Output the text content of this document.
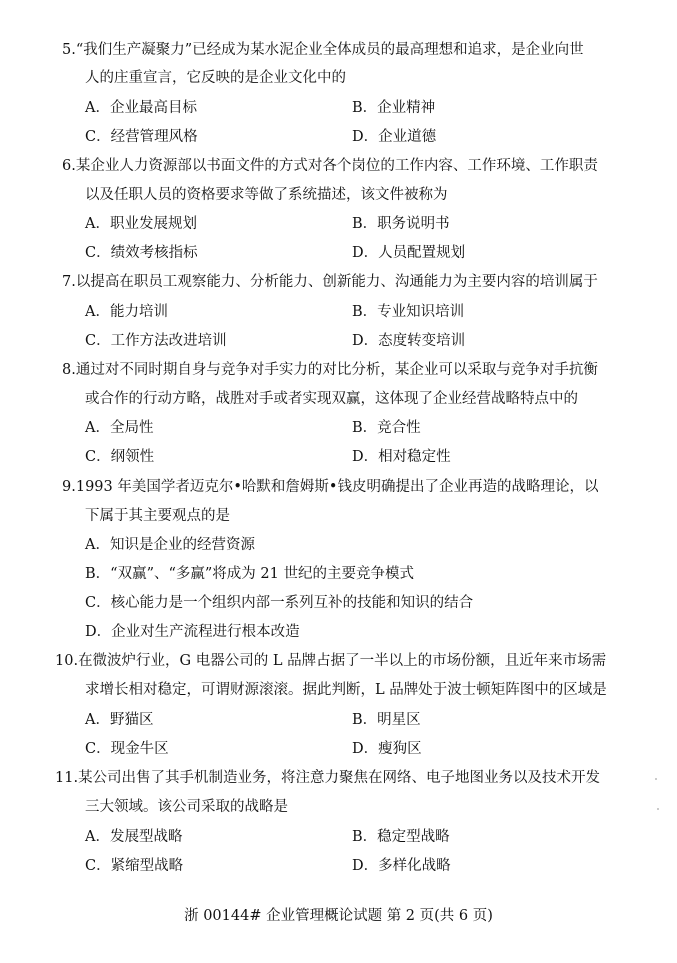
5.“我们生产凝聚力”已经成为某水泥企业全体成员的最高理想和追求，是企业向世
人的庄重宣言，它反映的是企业文化中的
A．企业最高目标	B．企业精神
C．经营管理风格	D．企业道德
6.某企业人力资源部以书面文件的方式对各个岗位的工作内容、工作环境、工作职责
以及任职人员的资格要求等做了系统描述，该文件被称为
A．职业发展规划	B．职务说明书
C．绩效考核指标	D．人员配置规划
7.以提高在职员工观察能力、分析能力、创新能力、沟通能力为主要内容的培训属于
A．能力培训	B．专业知识培训
C．工作方法改进培训	D．态度转变培训
8.通过对不同时期自身与竞争对手实力的对比分析，某企业可以采取与竞争对手抗衡
或合作的行动方略，战胜对手或者实现双赢，这体现了企业经营战略特点中的
A．全局性	B．竞合性
C．纲领性	D．相对稳定性
9.1993 年美国学者迈克尔•哈默和詹姆斯•钱皮明确提出了企业再造的战略理论，以
下属于其主要观点的是
A．知识是企业的经营资源
B．“双赢”、“多赢”将成为 21 世纪的主要竞争模式
C．核心能力是一个组织内部一系列互补的技能和知识的结合
D．企业对生产流程进行根本改造
10.在微波炉行业，G 电器公司的 L 品牌占据了一半以上的市场份额，且近年来市场需
求增长相对稳定，可谓财源滚滚。据此判断，L 品牌处于波士顿矩阵图中的区域是
A．野猫区	B．明星区
C．现金牛区	D．瘦狗区
11.某公司出售了其手机制造业务，将注意力聚焦在网络、电子地图业务以及技术开发
三大领域。该公司采取的战略是
A．发展型战略	B．稳定型战略
C．紧缩型战略	D．多样化战略
浙 00144# 企业管理概论试题 第 2 页(共 6 页)
